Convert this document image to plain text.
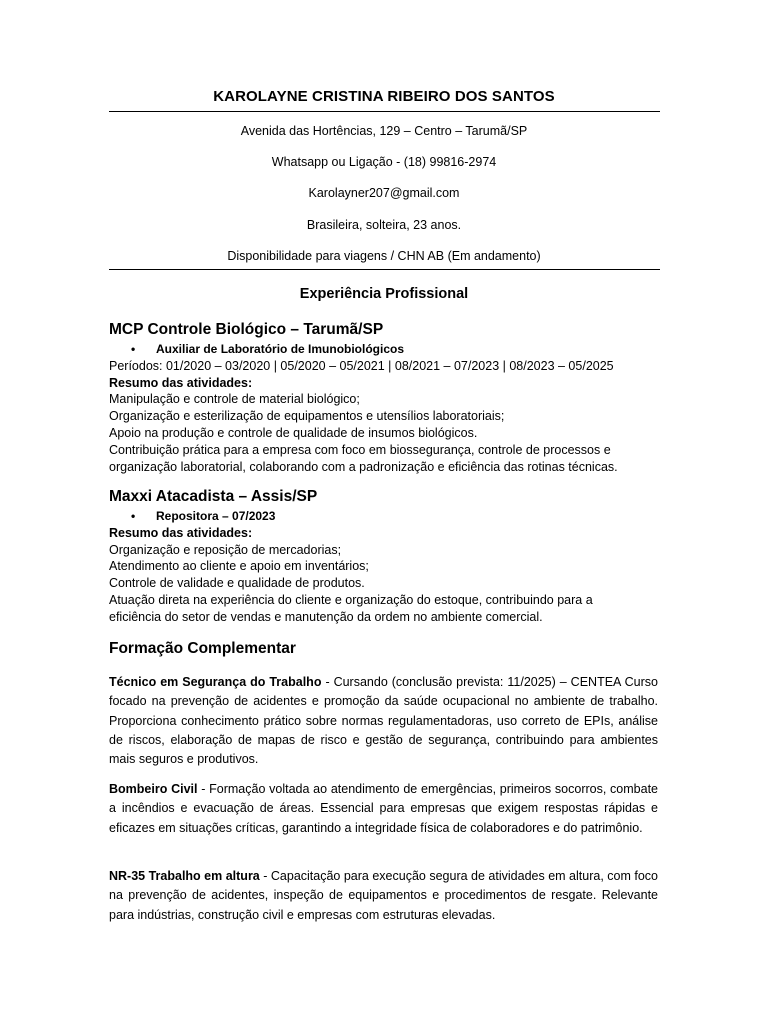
KAROLAYNE CRISTINA RIBEIRO DOS SANTOS
Avenida das Hortências, 129 – Centro – Tarumã/SP
Whatsapp ou Ligação - (18) 99816-2974
Karolayner207@gmail.com
Brasileira, solteira, 23 anos.
Disponibilidade para viagens / CHN AB (Em andamento)
Experiência Profissional
MCP Controle Biológico – Tarumã/SP
• Auxiliar de Laboratório de Imunobiológicos
Períodos: 01/2020 – 03/2020 | 05/2020 – 05/2021 | 08/2021 – 07/2023 | 08/2023 – 05/2025
Resumo das atividades:
Manipulação e controle de material biológico;
Organização e esterilização de equipamentos e utensílios laboratoriais;
Apoio na produção e controle de qualidade de insumos biológicos.
Contribuição prática para a empresa com foco em biossegurança, controle de processos e
organização laboratorial, colaborando com a padronização e eficiência das rotinas técnicas.
Maxxi Atacadista – Assis/SP
• Repositora – 07/2023
Resumo das atividades:
Organização e reposição de mercadorias;
Atendimento ao cliente e apoio em inventários;
Controle de validade e qualidade de produtos.
Atuação direta na experiência do cliente e organização do estoque, contribuindo para a
eficiência do setor de vendas e manutenção da ordem no ambiente comercial.
Formação Complementar
Técnico em Segurança do Trabalho - Cursando (conclusão prevista: 11/2025) – CENTEA Curso focado na prevenção de acidentes e promoção da saúde ocupacional no ambiente de trabalho. Proporciona conhecimento prático sobre normas regulamentadoras, uso correto de EPIs, análise de riscos, elaboração de mapas de risco e gestão de segurança, contribuindo para ambientes mais seguros e produtivos.
Bombeiro Civil - Formação voltada ao atendimento de emergências, primeiros socorros, combate a incêndios e evacuação de áreas. Essencial para empresas que exigem respostas rápidas e eficazes em situações críticas, garantindo a integridade física de colaboradores e do patrimônio.
NR-35 Trabalho em altura - Capacitação para execução segura de atividades em altura, com foco na prevenção de acidentes, inspeção de equipamentos e procedimentos de resgate. Relevante para indústrias, construção civil e empresas com estruturas elevadas.
